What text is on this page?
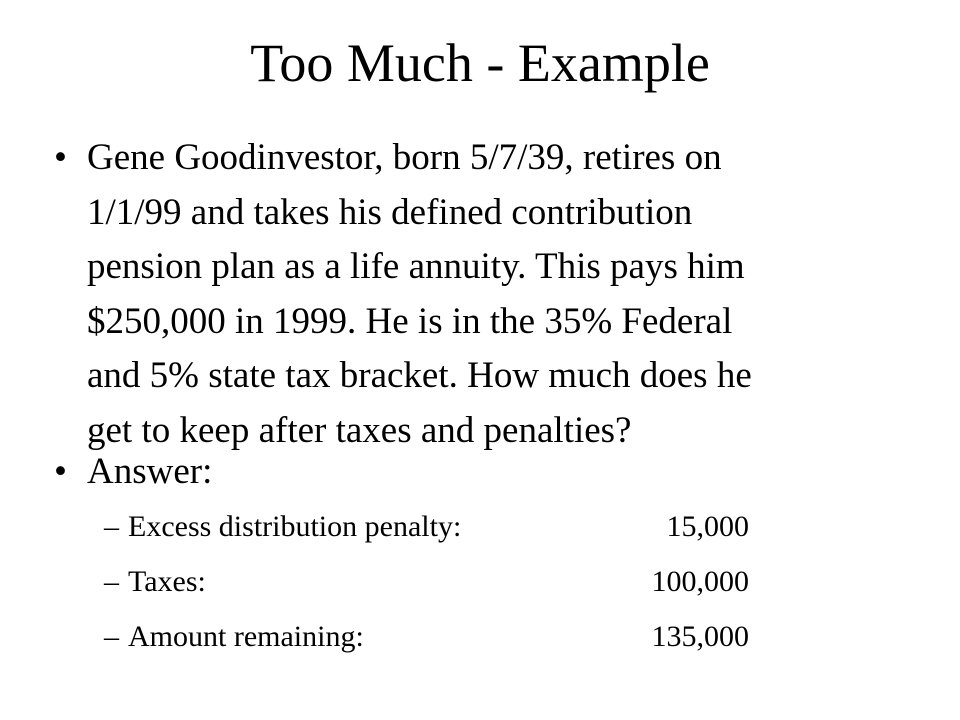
Too Much - Example
• Gene Goodinvestor, born 5/7/39, retires on
1/1/99 and takes his defined contribution
pension plan as a life annuity. This pays him
$250,000 in 1999. He is in the 35% Federal
and 5% state tax bracket. How much does he
get to keep after taxes and penalties?
• Answer:
– Excess distribution penalty:	15,000
– Taxes:	100,000
– Amount remaining:	135,000
